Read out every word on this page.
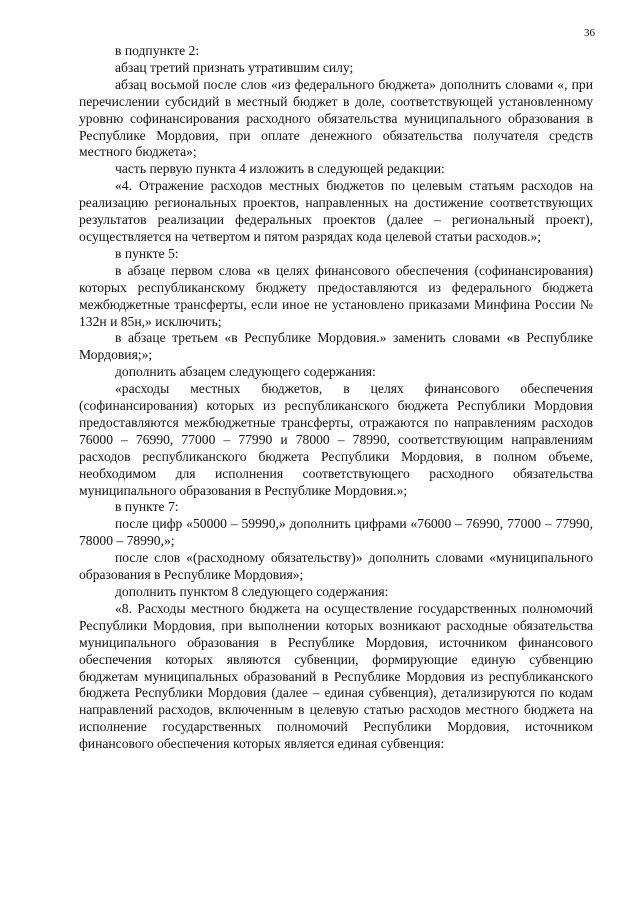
36

в подпункте 2:

абзац третий признать утратившим силу;

абзац восьмой после слов «из федерального бюджета» дополнить словами «, при перечислении субсидий в местный бюджет в доле, соответствующей установленному уровню софинансирования расходного обязательства муниципального образования в Республике Мордовия, при оплате денежного обязательства получателя средств местного бюджета»;

часть первую пункта 4 изложить в следующей редакции:

«4. Отражение расходов местных бюджетов по целевым статьям расходов на реализацию региональных проектов, направленных на достижение соответствующих результатов реализации федеральных проектов (далее – региональный проект), осуществляется на четвертом и пятом разрядах кода целевой статьи расходов.»;

в пункте 5:

в абзаце первом слова «в целях финансового обеспечения (софинансирования) которых республиканскому бюджету предоставляются из федерального бюджета межбюджетные трансферты, если иное не установлено приказами Минфина России № 132н и 85н,» исключить;

в абзаце третьем «в Республике Мордовия.» заменить словами «в Республике Мордовия;»;

дополнить абзацем следующего содержания:

«расходы местных бюджетов, в целях финансового обеспечения (софинансирования) которых из республиканского бюджета Республики Мордовия предоставляются межбюджетные трансферты, отражаются по направлениям расходов 76000 – 76990, 77000 – 77990 и 78000 – 78990, соответствующим направлениям расходов республиканского бюджета Республики Мордовия, в полном объеме, необходимом для исполнения соответствующего расходного обязательства муниципального образования в Республике Мордовия.»;

в пункте 7:

после цифр «50000 – 59990,» дополнить цифрами «76000 – 76990, 77000 – 77990, 78000 – 78990,»;

после слов «(расходному обязательству)» дополнить словами «муниципального образования в Республике Мордовия»;

дополнить пунктом 8 следующего содержания:

«8. Расходы местного бюджета на осуществление государственных полномочий Республики Мордовия, при выполнении которых возникают расходные обязательства муниципального образования в Республике Мордовия, источником финансового обеспечения которых являются субвенции, формирующие единую субвенцию бюджетам муниципальных образований в Республике Мордовия из республиканского бюджета Республики Мордовия (далее – единая субвенция), детализируются по кодам направлений расходов, включенным в целевую статью расходов местного бюджета на исполнение государственных полномочий Республики Мордовия, источником финансового обеспечения которых является единая субвенция:
